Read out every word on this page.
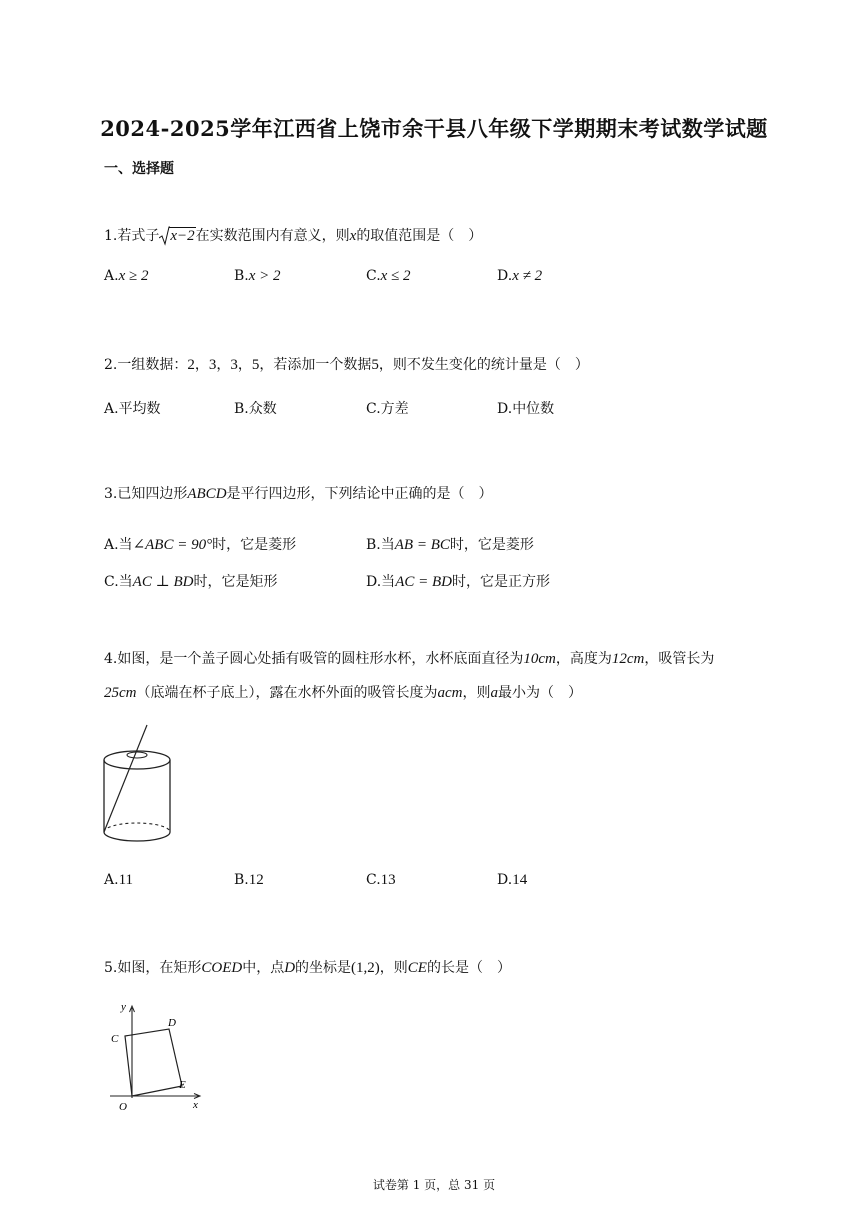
2024-2025学年江西省上饶市余干县八年级下学期期末考试数学试题
一、选择题
1.若式子 x−2在实数范围内有意义，则x的取值范围是（　）
A.x ≥ 2	B.x > 2	C.x ≤ 2	D.x ≠ 2
2.一组数据：2，3，3，5，若添加一个数据5，则不发生变化的统计量是（　）
A.平均数	B.众数	C.方差	D.中位数
3.已知四边形ABCD是平行四边形，下列结论中正确的是（　）
A.当∠ABC = 90°时，它是菱形	B.当AB = BC时，它是菱形
C.当AC ⊥ BD时，它是矩形	D.当AC = BD时，它是正方形
4.如图，是一个盖子圆心处插有吸管的圆柱形水杯，水杯底面直径为10cm，高度为12cm，吸管长为
25cm（底端在杯子底上），露在水杯外面的吸管长度为acm，则a最小为（　）
A.11	B.12	C.13	D.14
5.如图，在矩形COED中，点D的坐标是(1,2)，则CE的长是（　）
y
x
O
C
D
E
试卷第 1 页，总 31 页
